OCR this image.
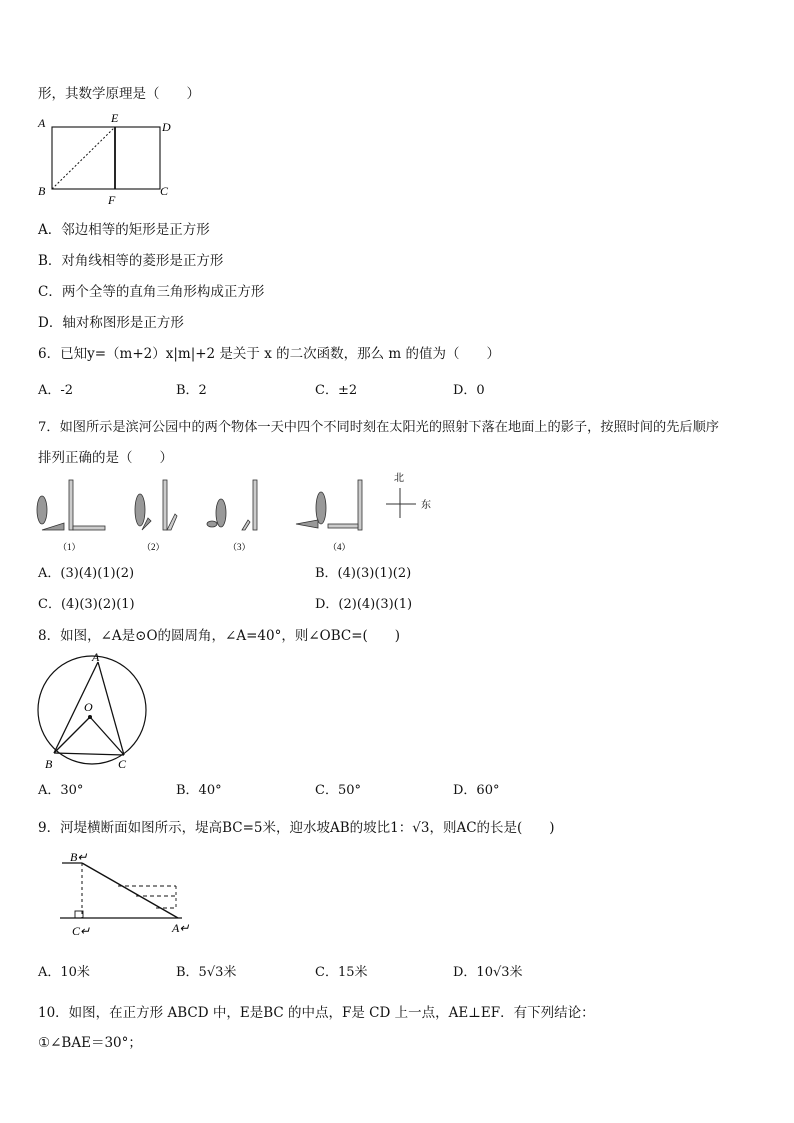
形，其数学原理是（　　）
A	E
D
B
F
C
A．邻边相等的矩形是正方形
B．对角线相等的菱形是正方形
C．两个全等的直角三角形构成正方形
D．轴对称图形是正方形
6．已知y=（m+2）x|m|+2 是关于 x 的二次函数，那么 m 的值为（　　）
A．-2	B．2	C．±2	D．0
7．如图所示是滨河公园中的两个物体一天中四个不同时刻在太阳光的照射下落在地面上的影子，按照时间的先后顺序
排列正确的是（　　）
北
东
（1）	（2）	（3）	（4）
A．(3)(4)(1)(2)	B．(4)(3)(1)(2)
C．(4)(3)(2)(1)	D．(2)(4)(3)(1)
8．如图，∠A是⊙O的圆周角，∠A=40°，则∠OBC=(　　)
A
O
B	C
A．30°	B．40°	C．50°	D．60°
9．河堤横断面如图所示，堤高BC=5米，迎水坡AB的坡比1：√3，则AC的长是(　　)
B↵
C↵	A↵
A．10米	B．5√3米	C．15米	D．10√3米
10．如图，在正方形 ABCD 中，E是BC 的中点，F是 CD 上一点，AE⊥EF．有下列结论：
①∠BAE＝30°；
